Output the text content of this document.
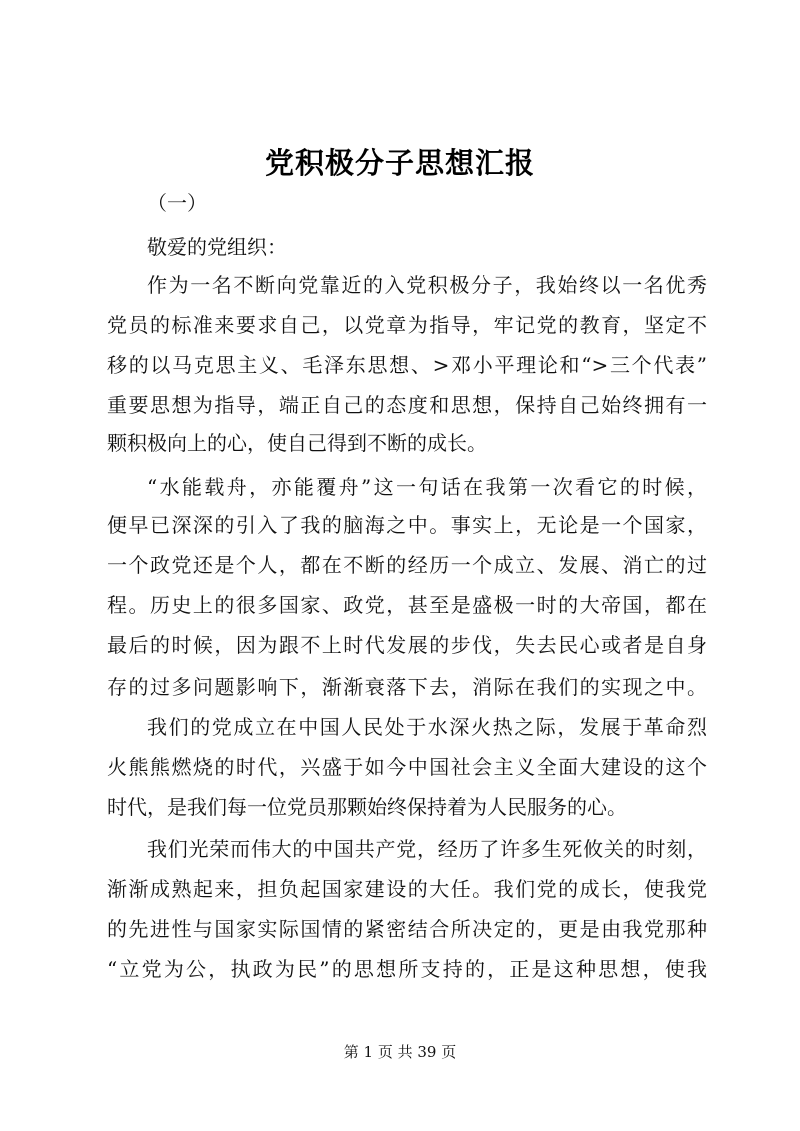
党积极分子思想汇报
（一）
敬爱的党组织：
作为一名不断向党靠近的入党积极分子，我始终以一名优秀
党员的标准来要求自己，以党章为指导，牢记党的教育，坚定不
移的以马克思主义、毛泽东思想、>邓小平理论和“>三个代表”
重要思想为指导，端正自己的态度和思想，保持自己始终拥有一
颗积极向上的心，使自己得到不断的成长。
“水能载舟，亦能覆舟”这一句话在我第一次看它的时候，
便早已深深的引入了我的脑海之中。事实上，无论是一个国家，
一个政党还是个人，都在不断的经历一个成立、发展、消亡的过
程。历史上的很多国家、政党，甚至是盛极一时的大帝国，都在
最后的时候，因为跟不上时代发展的步伐，失去民心或者是自身
存的过多问题影响下，渐渐衰落下去，消际在我们的实现之中。
我们的党成立在中国人民处于水深火热之际，发展于革命烈
火熊熊燃烧的时代，兴盛于如今中国社会主义全面大建设的这个
时代，是我们每一位党员那颗始终保持着为人民服务的心。
我们光荣而伟大的中国共产党，经历了许多生死攸关的时刻，
渐渐成熟起来，担负起国家建设的大任。我们党的成长，使我党
的先进性与国家实际国情的紧密结合所决定的，更是由我党那种
“立党为公，执政为民”的思想所支持的，正是这种思想，使我
第 1 页 共 39 页
